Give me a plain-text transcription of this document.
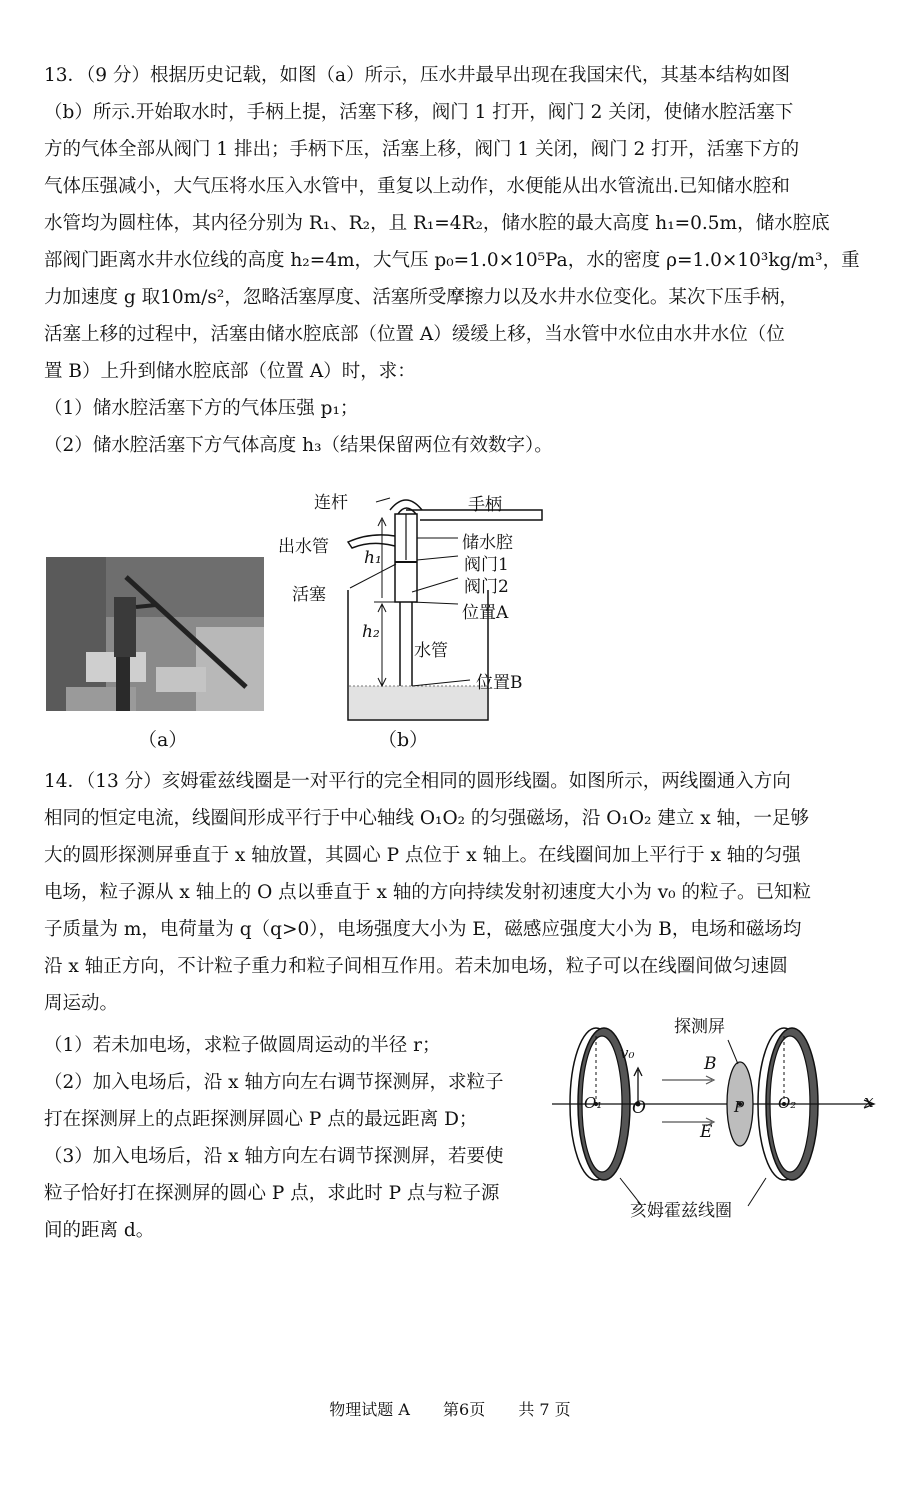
13．（9 分）根据历史记载，如图（a）所示，压水井最早出现在我国宋代，其基本结构如图
（b）所示.开始取水时，手柄上提，活塞下移，阀门 1 打开，阀门 2 关闭，使储水腔活塞下
方的气体全部从阀门 1 排出；手柄下压，活塞上移，阀门 1 关闭，阀门 2 打开，活塞下方的
气体压强减小，大气压将水压入水管中，重复以上动作，水便能从出水管流出.已知储水腔和
水管均为圆柱体，其内径分别为 R₁、R₂，且 R₁=4R₂，储水腔的最大高度 h₁=0.5m，储水腔底
部阀门距离水井水位线的高度 h₂=4m，大气压 p₀=1.0×10⁵Pa，水的密度 ρ=1.0×10³kg/m³，重
力加速度 g 取10m/s²，忽略活塞厚度、活塞所受摩擦力以及水井水位变化。某次下压手柄，
活塞上移的过程中，活塞由储水腔底部（位置 A）缓缓上移，当水管中水位由水井水位（位
置 B）上升到储水腔底部（位置 A）时，求：
（1）储水腔活塞下方的气体压强 p₁；
（2）储水腔活塞下方气体高度 h₃（结果保留两位有效数字）。
（a）
连杆	手柄
出水管	储水腔
阀门1
阀门2
活塞
位置A
水管
位置B
h₁
h₂
（b）
14．（13 分）亥姆霍兹线圈是一对平行的完全相同的圆形线圈。如图所示，两线圈通入方向
相同的恒定电流，线圈间形成平行于中心轴线 O₁O₂ 的匀强磁场，沿 O₁O₂ 建立 x 轴，一足够
大的圆形探测屏垂直于 x 轴放置，其圆心 P 点位于 x 轴上。在线圈间加上平行于 x 轴的匀强
电场，粒子源从 x 轴上的 O 点以垂直于 x 轴的方向持续发射初速度大小为 v₀ 的粒子。已知粒
子质量为 m，电荷量为 q（q>0），电场强度大小为 E，磁感应强度大小为 B，电场和磁场均
沿 x 轴正方向，不计粒子重力和粒子间相互作用。若未加电场，粒子可以在线圈间做匀速圆
周运动。
（1）若未加电场，求粒子做圆周运动的半径 r；
（2）加入电场后，沿 x 轴方向左右调节探测屏，求粒子
打在探测屏上的点距探测屏圆心 P 点的最远距离 D；
（3）加入电场后，沿 x 轴方向左右调节探测屏，若要使
粒子恰好打在探测屏的圆心 P 点，求此时 P 点与粒子源
间的距离 d。
探测屏
v₀
B
E
O₁ O	P O₂	x
亥姆霍兹线圈
物理试题 A 第6页 共 7 页
